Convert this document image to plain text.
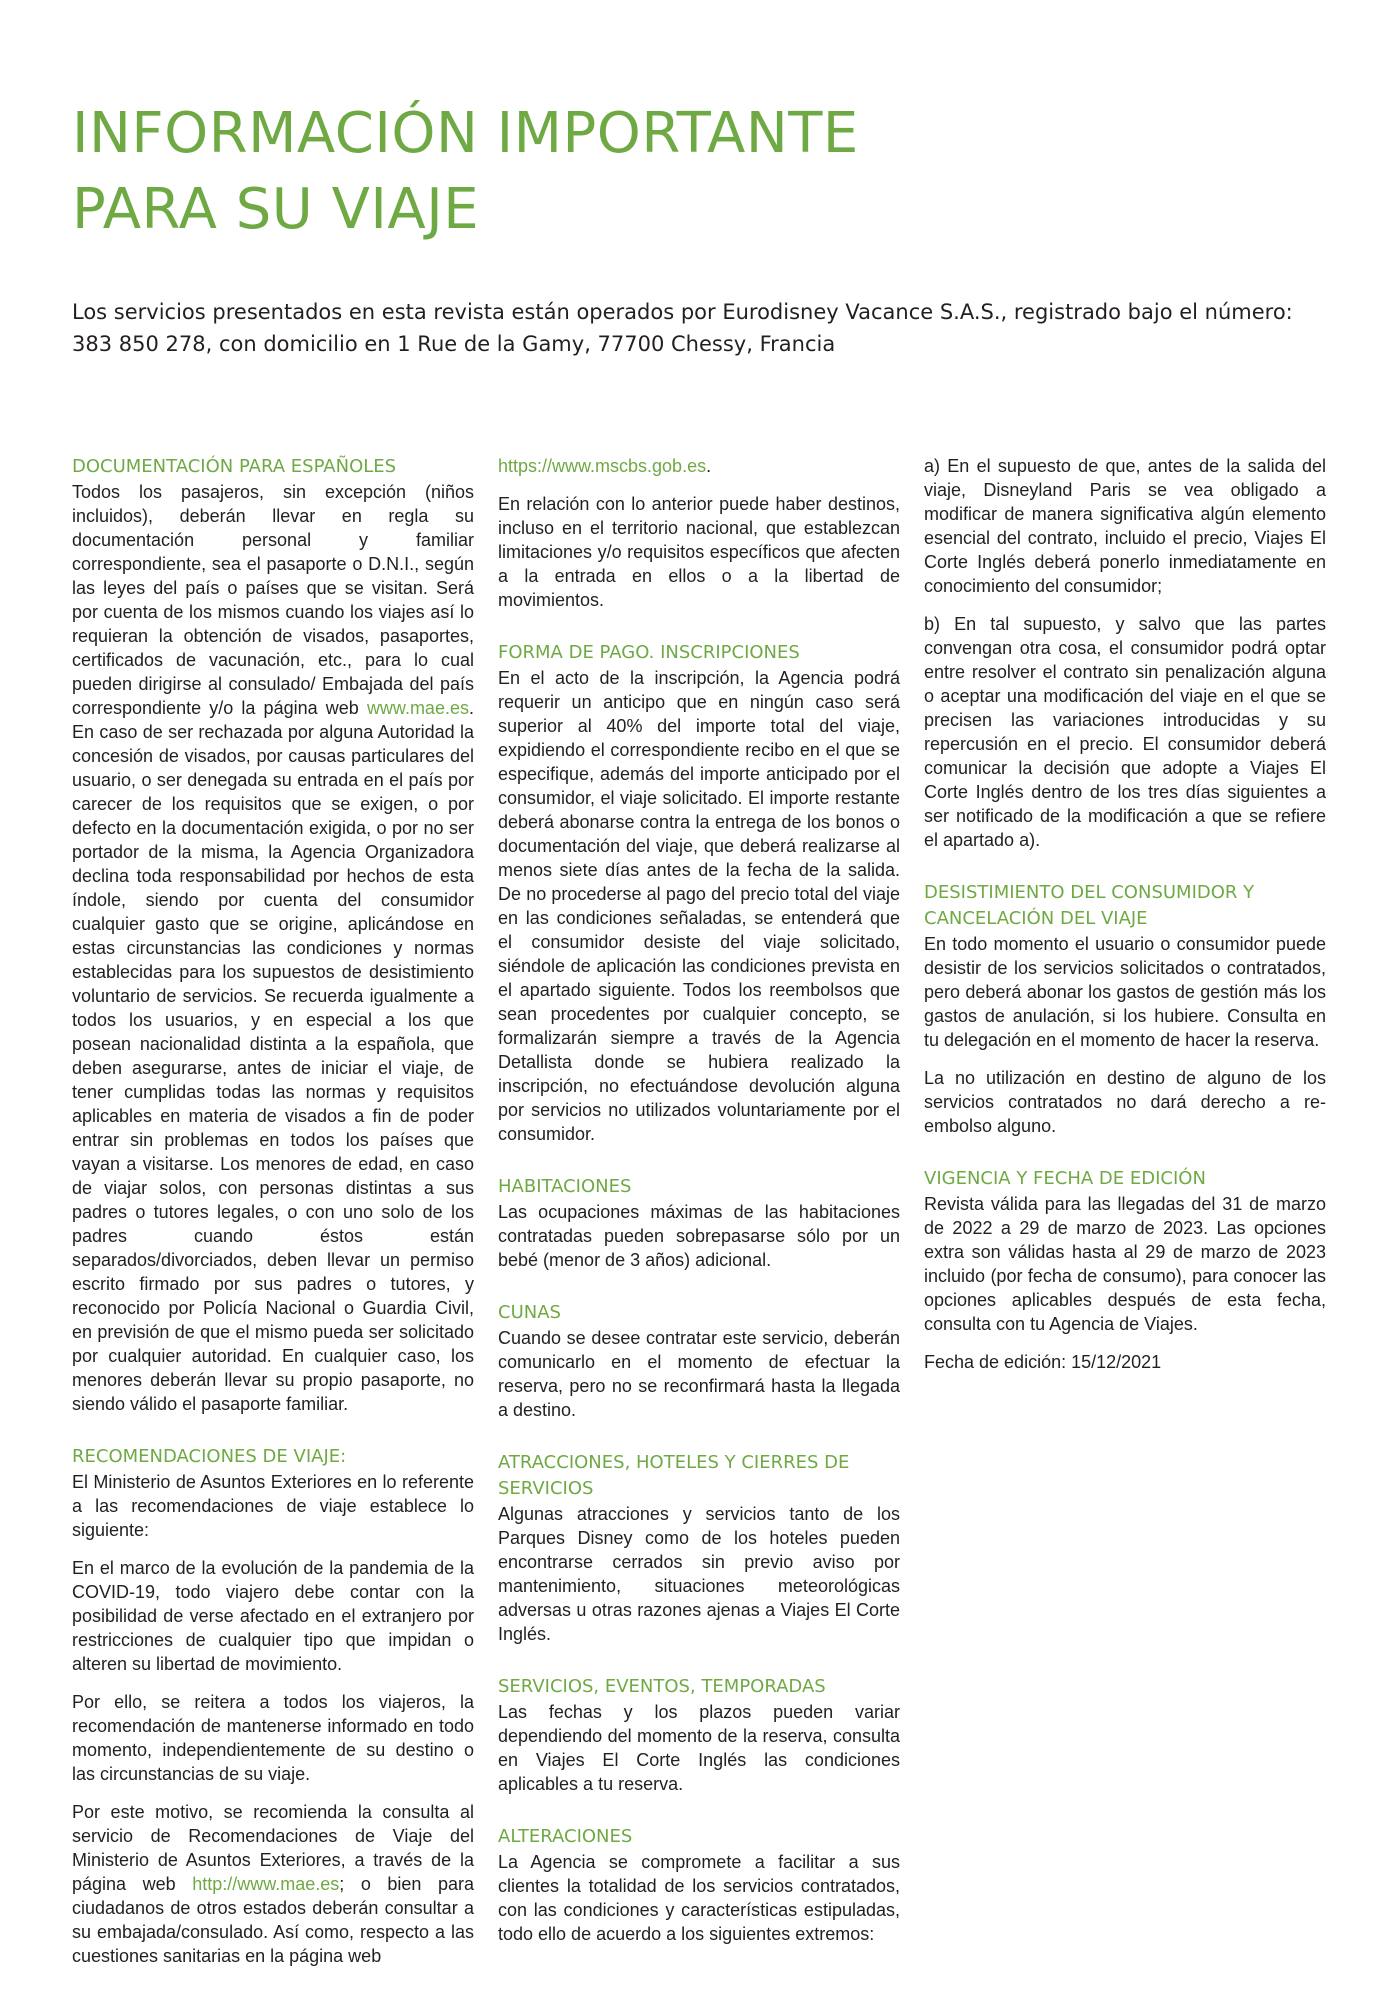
INFORMACIÓN IMPORTANTE
PARA SU VIAJE

Los servicios presentados en esta revista están operados por Eurodisney Vacance S.A.S., registrado bajo el número: 383 850 278, con domicilio en 1 Rue de la Gamy, 77700 Chessy, Francia

DOCUMENTACIÓN PARA ESPAÑOLES

Todos los pasajeros, sin excepción (niños incluidos), deberán llevar en regla su documentación personal y familiar correspondiente, sea el pasaporte o D.N.I., según las leyes del país o países que se visitan. Será por cuenta de los mismos cuando los viajes así lo requieran la obtención de visados, pasaportes, certificados de vacunación, etc., para lo cual pueden dirigirse al consulado/ Embajada del país correspondiente y/o la página web www.mae.es. En caso de ser rechazada por alguna Autoridad la concesión de visados, por causas particulares del usuario, o ser denegada su entrada en el país por carecer de los requisitos que se exigen, o por defecto en la documentación exigida, o por no ser portador de la misma, la Agencia Organizadora declina toda responsabilidad por hechos de esta índole, siendo por cuenta del consumidor cualquier gasto que se origine, aplicándose en estas circunstancias las condiciones y normas establecidas para los supuestos de desistimiento voluntario de servicios. Se recuerda igualmente a todos los usuarios, y en especial a los que posean nacionalidad distinta a la española, que deben asegurarse, antes de iniciar el viaje, de tener cumplidas todas las normas y requisitos aplicables en materia de visados a fin de poder entrar sin problemas en todos los países que vayan a visitarse. Los menores de edad, en caso de viajar solos, con personas distintas a sus padres o tutores legales, o con uno solo de los padres cuando éstos están separados/divorciados, deben llevar un permiso escrito firmado por sus padres o tutores, y reconocido por Policía Nacional o Guardia Civil, en previsión de que el mismo pueda ser solicitado por cualquier autoridad. En cualquier caso, los menores deberán llevar su propio pasaporte, no siendo válido el pasaporte familiar.

RECOMENDACIONES DE VIAJE:

El Ministerio de Asuntos Exteriores en lo referente a las recomendaciones de viaje establece lo siguiente:

En el marco de la evolución de la pandemia de la COVID-19, todo viajero debe contar con la posibilidad de verse afectado en el extranjero por restricciones de cualquier tipo que impidan o alteren su libertad de movimiento.

Por ello, se reitera a todos los viajeros, la recomendación de mantenerse informado en todo momento, independientemente de su destino o las circunstancias de su viaje.

Por este motivo, se recomienda la consulta al servicio de Recomendaciones de Viaje del Ministerio de Asuntos Exteriores, a través de la página web http://www.mae.es; o bien para ciudadanos de otros estados deberán consultar a su embajada/consulado. Así como, respecto a las cuestiones sanitarias en la página web

https://www.mscbs.gob.es.

En relación con lo anterior puede haber destinos, incluso en el territorio nacional, que establezcan limitaciones y/o requisitos específicos que afecten a la entrada en ellos o a la libertad de movimientos.

FORMA DE PAGO. INSCRIPCIONES

En el acto de la inscripción, la Agencia podrá requerir un anticipo que en ningún caso será superior al 40% del importe total del viaje, expidiendo el correspondiente recibo en el que se especifique, además del importe anticipado por el consumidor, el viaje solicitado. El importe restante deberá abonarse contra la entrega de los bonos o documentación del viaje, que deberá realizarse al menos siete días antes de la fecha de la salida. De no procederse al pago del precio total del viaje en las condiciones señaladas, se entenderá que el consumidor desiste del viaje solicitado, siéndole de aplicación las condiciones prevista en el apartado siguiente. Todos los reembolsos que sean procedentes por cualquier concepto, se formalizarán siempre a través de la Agencia Detallista donde se hubiera realizado la inscripción, no efectuándose devolución alguna por servicios no utilizados voluntariamente por el consumidor.

HABITACIONES

Las ocupaciones máximas de las habitaciones contratadas pueden sobrepasarse sólo por un bebé (menor de 3 años) adicional.

CUNAS

Cuando se desee contratar este servicio, deberán comunicarlo en el momento de efectuar la reserva, pero no se reconfirmará hasta la llegada a destino.

ATRACCIONES, HOTELES Y CIERRES DE SERVICIOS

Algunas atracciones y servicios tanto de los Parques Disney como de los hoteles pueden encontrarse cerrados sin previo aviso por mantenimiento, situaciones meteorológicas adversas u otras razones ajenas a Viajes El Corte Inglés.

SERVICIOS, EVENTOS, TEMPORADAS

Las fechas y los plazos pueden variar dependiendo del momento de la reserva, consulta en Viajes El Corte Inglés las condiciones aplicables a tu reserva.

ALTERACIONES

La Agencia se compromete a facilitar a sus clientes la totalidad de los servicios contratados, con las condiciones y características estipuladas, todo ello de acuerdo a los siguientes extremos:

a) En el supuesto de que, antes de la salida del viaje, Disneyland Paris se vea obligado a modificar de manera significativa algún elemento esencial del contrato, incluido el precio, Viajes El Corte Inglés deberá ponerlo inmediatamente en conocimiento del consumidor;

b) En tal supuesto, y salvo que las partes convengan otra cosa, el consumidor podrá optar entre resolver el contrato sin penalización alguna o aceptar una modificación del viaje en el que se precisen las variaciones introducidas y su repercusión en el precio. El consumidor deberá comunicar la decisión que adopte a Viajes El Corte Inglés dentro de los tres días siguientes a ser notificado de la modificación a que se refiere el apartado a).

DESISTIMIENTO DEL CONSUMIDOR Y CANCELACIÓN DEL VIAJE

En todo momento el usuario o consumidor puede desistir de los servicios solicitados o contratados, pero deberá abonar los gastos de gestión más los gastos de anulación, si los hubiere. Consulta en tu delegación en el momento de hacer la reserva.

La no utilización en destino de alguno de los servicios contratados no dará derecho a re-embolso alguno.

VIGENCIA Y FECHA DE EDICIÓN

Revista válida para las llegadas del 31 de marzo de 2022 a 29 de marzo de 2023. Las opciones extra son válidas hasta al 29 de marzo de 2023 incluido (por fecha de consumo), para conocer las opciones aplicables después de esta fecha, consulta con tu Agencia de Viajes.

Fecha de edición: 15/12/2021
